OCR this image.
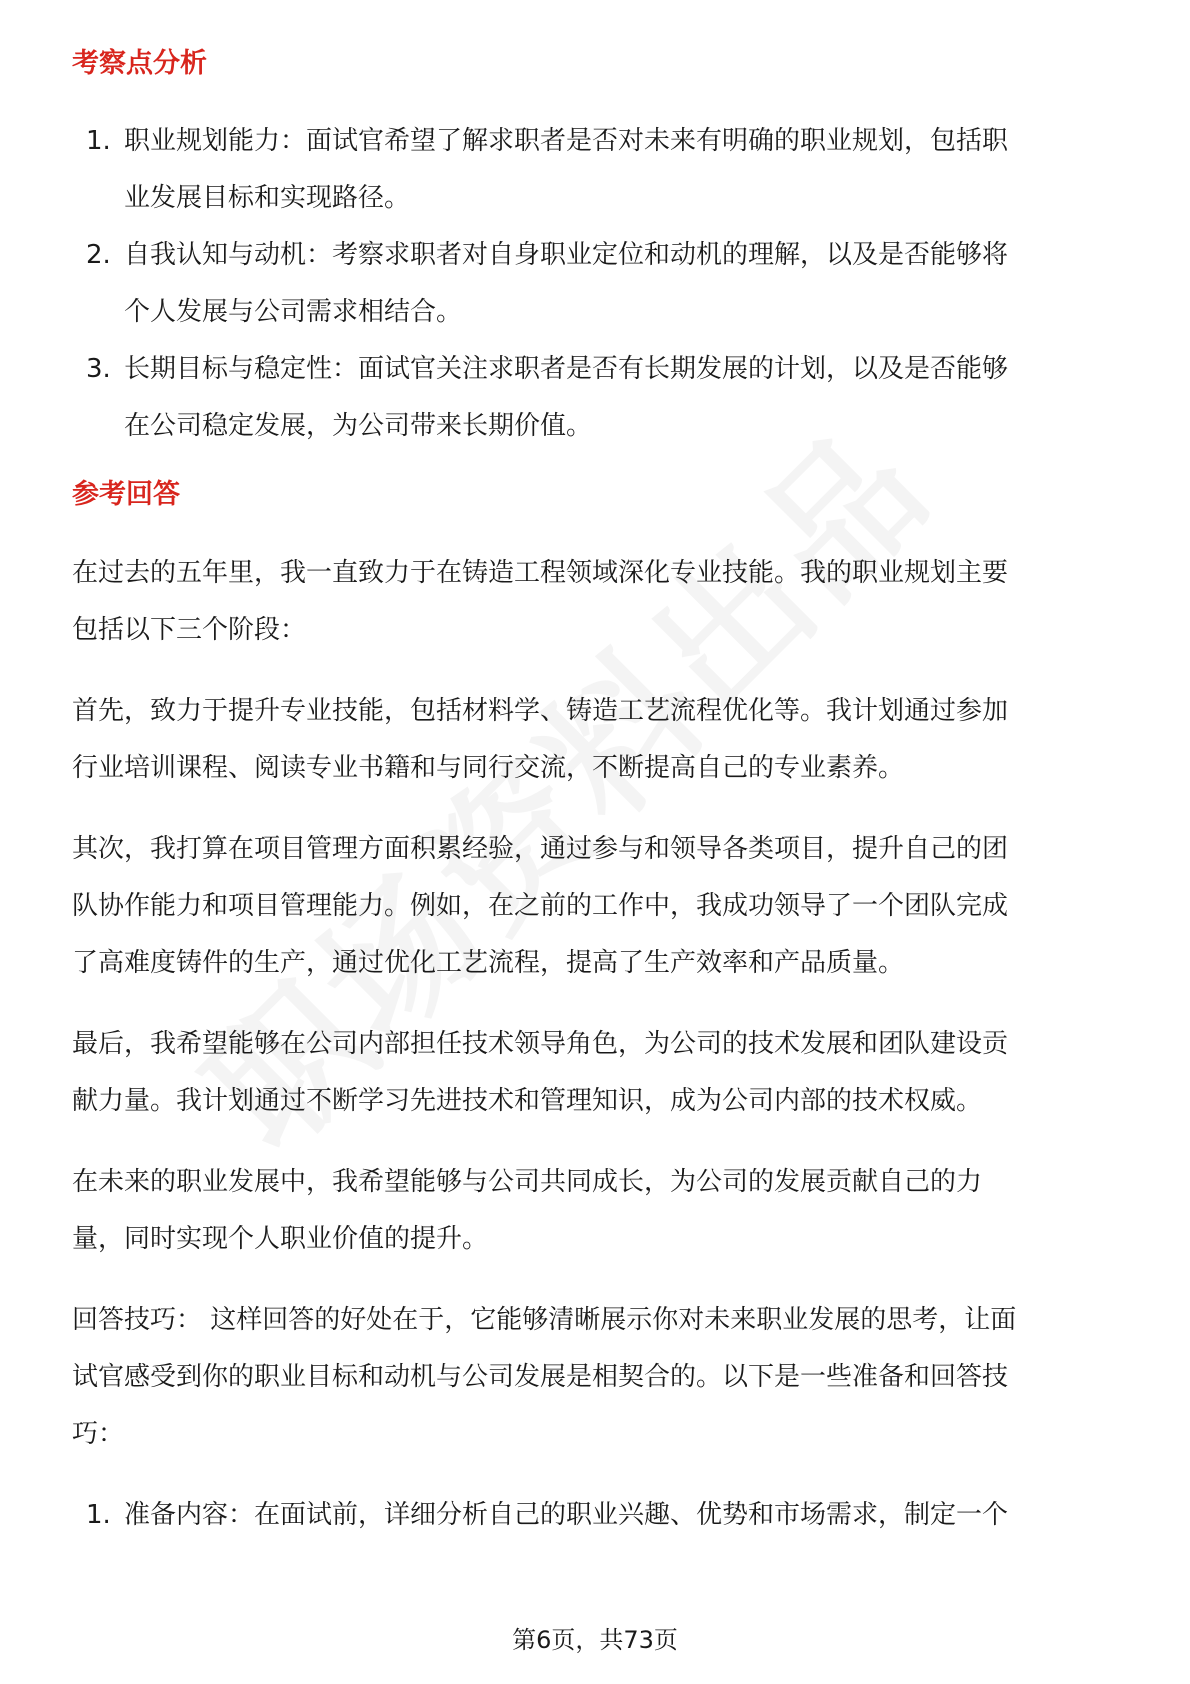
考察点分析
1. 职业规划能力：面试官希望了解求职者是否对未来有明确的职业规划，包括职
业发展目标和实现路径。
2. 自我认知与动机：考察求职者对自身职业定位和动机的理解，以及是否能够将
个人发展与公司需求相结合。
3. 长期目标与稳定性：面试官关注求职者是否有长期发展的计划，以及是否能够
在公司稳定发展，为公司带来长期价值。
参考回答

在过去的五年里，我一直致力于在铸造工程领域深化专业技能。我的职业规划主要
包括以下三个阶段：

首先，致力于提升专业技能，包括材料学、铸造工艺流程优化等。我计划通过参加
行业培训课程、阅读专业书籍和与同行交流，不断提高自己的专业素养。

其次，我打算在项目管理方面积累经验，通过参与和领导各类项目，提升自己的团
队协作能力和项目管理能力。例如，在之前的工作中，我成功领导了一个团队完成
了高难度铸件的生产，通过优化工艺流程，提高了生产效率和产品质量。

最后，我希望能够在公司内部担任技术领导角色，为公司的技术发展和团队建设贡
献力量。我计划通过不断学习先进技术和管理知识，成为公司内部的技术权威。

在未来的职业发展中，我希望能够与公司共同成长，为公司的发展贡献自己的力
量，同时实现个人职业价值的提升。

回答技巧： 这样回答的好处在于，它能够清晰展示你对未来职业发展的思考，让面
试官感受到你的职业目标和动机与公司发展是相契合的。以下是一些准备和回答技
巧：

1. 准备内容：在面试前，详细分析自己的职业兴趣、优势和市场需求，制定一个
第6页，共73页
